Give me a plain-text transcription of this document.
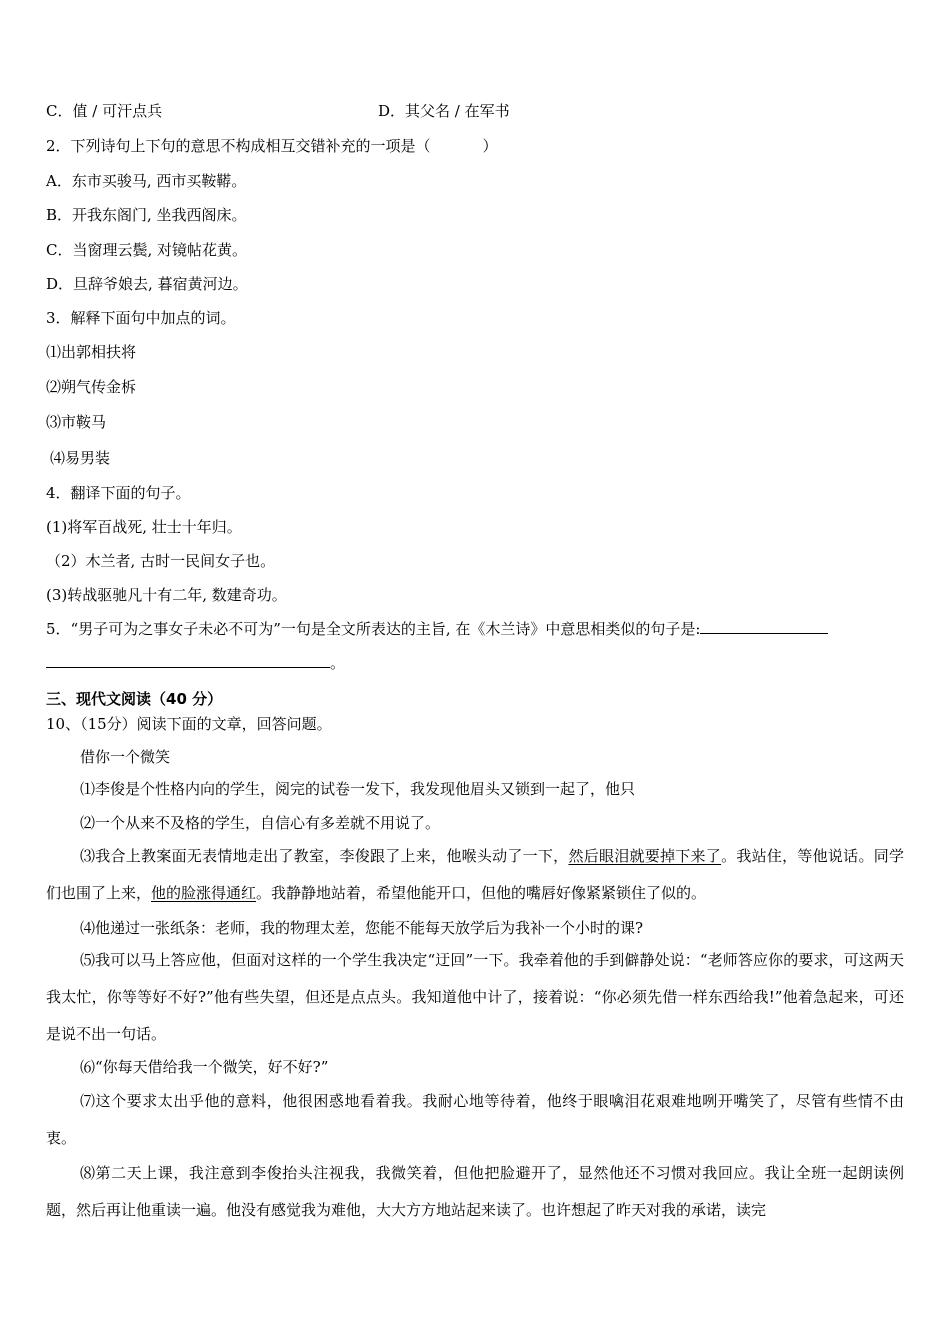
C．值 / 可汗点兵	D．其父名 / 在军书
2．下列诗句上下句的意思不构成相互交错补充的一项是（	）
A．东市买骏马, 西市买鞍鞯。
B．开我东阁门, 坐我西阁床。
C．当窗理云鬓, 对镜帖花黄。
D．旦辞爷娘去, 暮宿黄河边。
3．解释下面句中加点的词。
⑴出郭相扶将
⑵朔气传金柝
⑶市鞍马
⑷易男装
4．翻译下面的句子。
(1)将军百战死, 壮士十年归。
（2）木兰者, 古时一民间女子也。
(3)转战驱驰凡十有二年, 数建奇功。
5．“男子可为之事女子未必不可为”一句是全文所表达的主旨, 在《木兰诗》中意思相类似的句子是:
。
三、现代文阅读（40 分）
10、（15分）阅读下面的文章，回答问题。
借你一个微笑
⑴李俊是个性格内向的学生，阅完的试卷一发下，我发现他眉头又锁到一起了，他只
⑵一个从来不及格的学生，自信心有多差就不用说了。
⑶我合上教案面无表情地走出了教室，李俊跟了上来，他喉头动了一下，然后眼泪就要掉下来了。我站住，等他说话。同学们也围了上来，他的脸涨得通红。我静静地站着，希望他能开口，但他的嘴唇好像紧紧锁住了似的。
⑷他递过一张纸条：老师，我的物理太差，您能不能每天放学后为我补一个小时的课?
⑸我可以马上答应他，但面对这样的一个学生我决定“迂回”一下。我牵着他的手到僻静处说：“老师答应你的要求，可这两天我太忙，你等等好不好?”他有些失望，但还是点点头。我知道他中计了，接着说：“你必须先借一样东西给我!”他着急起来，可还是说不出一句话。
⑹“你每天借给我一个微笑，好不好?”
⑺这个要求太出乎他的意料，他很困惑地看着我。我耐心地等待着，他终于眼噙泪花艰难地咧开嘴笑了，尽管有些情不由衷。
⑻第二天上课，我注意到李俊抬头注视我，我微笑着，但他把脸避开了，显然他还不习惯对我回应。我让全班一起朗读例题，然后再让他重读一遍。他没有感觉我为难他，大大方方地站起来读了。也许想起了昨天对我的承诺，读完
